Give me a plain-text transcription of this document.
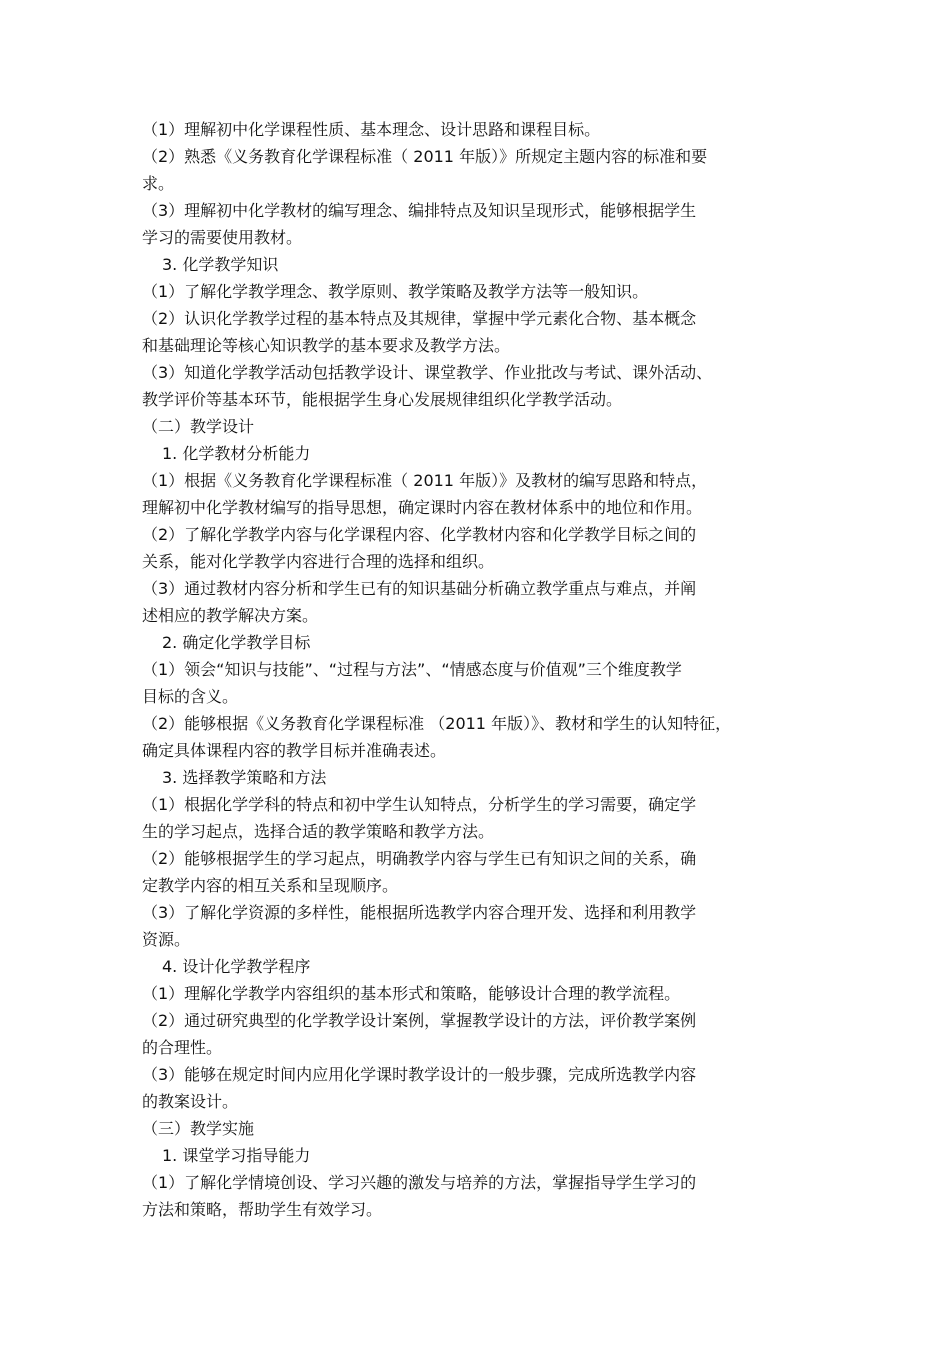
（1）理解初中化学课程性质、基本理念、设计思路和课程目标。
（2）熟悉《义务教育化学课程标准（ 2011 年版）》所规定主题内容的标准和要
求。
（3）理解初中化学教材的编写理念、编排特点及知识呈现形式，能够根据学生
学习的需要使用教材。
3. 化学教学知识
（1）了解化学教学理念、教学原则、教学策略及教学方法等一般知识。
（2）认识化学教学过程的基本特点及其规律，掌握中学元素化合物、基本概念
和基础理论等核心知识教学的基本要求及教学方法。
（3）知道化学教学活动包括教学设计、课堂教学、作业批改与考试、课外活动、
教学评价等基本环节，能根据学生身心发展规律组织化学教学活动。
（二）教学设计
1. 化学教材分析能力
（1）根据《义务教育化学课程标准（ 2011 年版）》及教材的编写思路和特点，
理解初中化学教材编写的指导思想，确定课时内容在教材体系中的地位和作用。
（2）了解化学教学内容与化学课程内容、化学教材内容和化学教学目标之间的
关系，能对化学教学内容进行合理的选择和组织。
（3）通过教材内容分析和学生已有的知识基础分析确立教学重点与难点，并阐
述相应的教学解决方案。
2. 确定化学教学目标
（1）领会“知识与技能”、“过程与方法”、“情感态度与价值观”三个维度教学
目标的含义。
（2）能够根据《义务教育化学课程标准 （2011 年版）》、教材和学生的认知特征，
确定具体课程内容的教学目标并准确表述。
3. 选择教学策略和方法
（1）根据化学学科的特点和初中学生认知特点，分析学生的学习需要，确定学
生的学习起点，选择合适的教学策略和教学方法。
（2）能够根据学生的学习起点，明确教学内容与学生已有知识之间的关系，确
定教学内容的相互关系和呈现顺序。
（3）了解化学资源的多样性，能根据所选教学内容合理开发、选择和利用教学
资源。
4. 设计化学教学程序
（1）理解化学教学内容组织的基本形式和策略，能够设计合理的教学流程。
（2）通过研究典型的化学教学设计案例，掌握教学设计的方法，评价教学案例
的合理性。
（3）能够在规定时间内应用化学课时教学设计的一般步骤，完成所选教学内容
的教案设计。
（三）教学实施
1. 课堂学习指导能力
（1）了解化学情境创设、学习兴趣的激发与培养的方法，掌握指导学生学习的
方法和策略，帮助学生有效学习。
